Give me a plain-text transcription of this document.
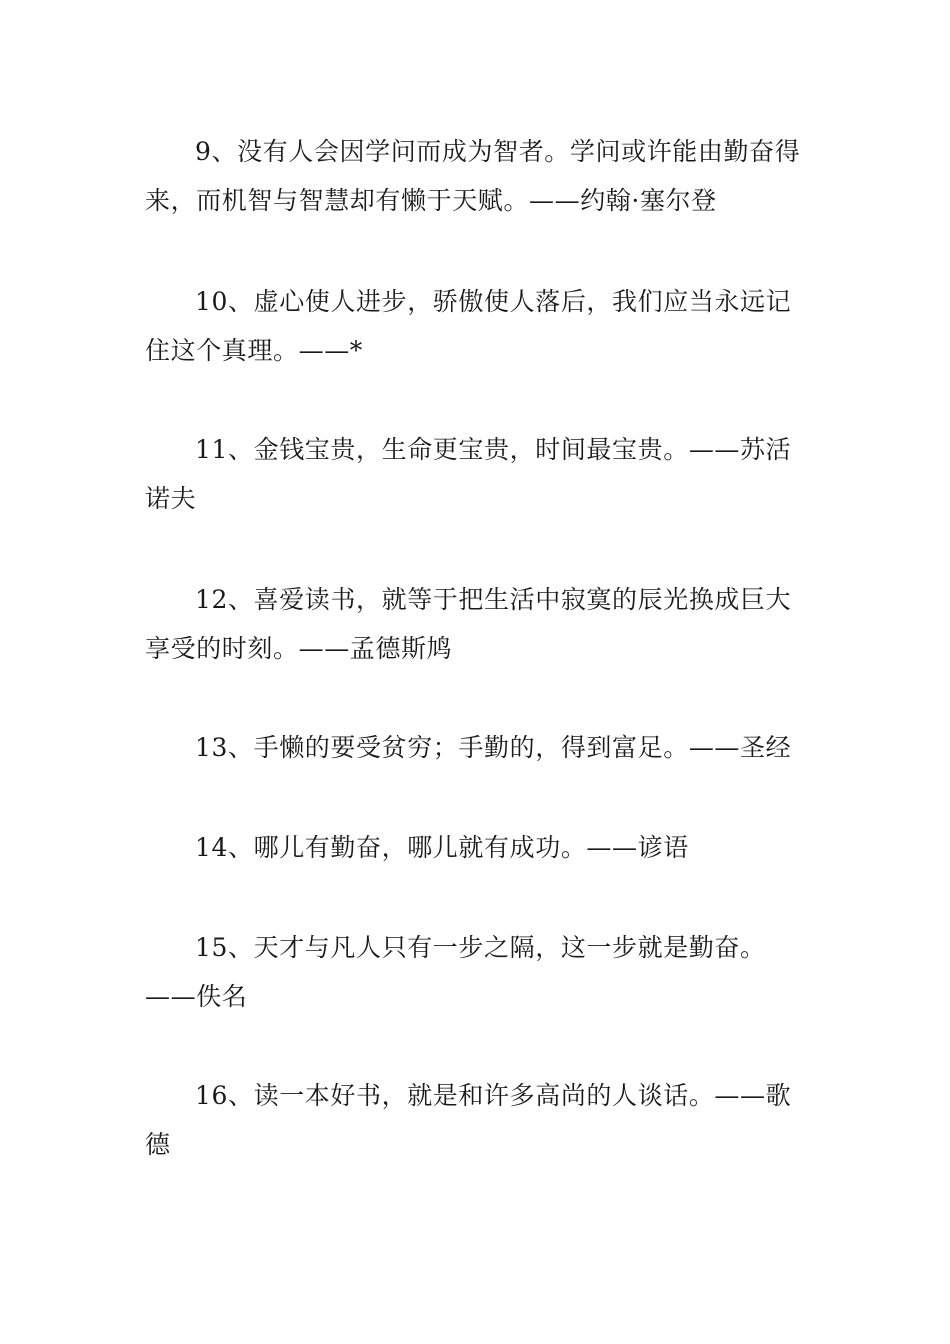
9、没有人会因学问而成为智者。学问或许能由勤奋得来，而机智与智慧却有懒于天赋。——约翰·塞尔登

10、虚心使人进步，骄傲使人落后，我们应当永远记住这个真理。——*

11、金钱宝贵，生命更宝贵，时间最宝贵。——苏活诺夫

12、喜爱读书，就等于把生活中寂寞的辰光换成巨大享受的时刻。——孟德斯鸠

13、手懒的要受贫穷；手勤的，得到富足。——圣经

14、哪儿有勤奋，哪儿就有成功。——谚语

15、天才与凡人只有一步之隔，这一步就是勤奋。——佚名

16、读一本好书，就是和许多高尚的人谈话。——歌德
